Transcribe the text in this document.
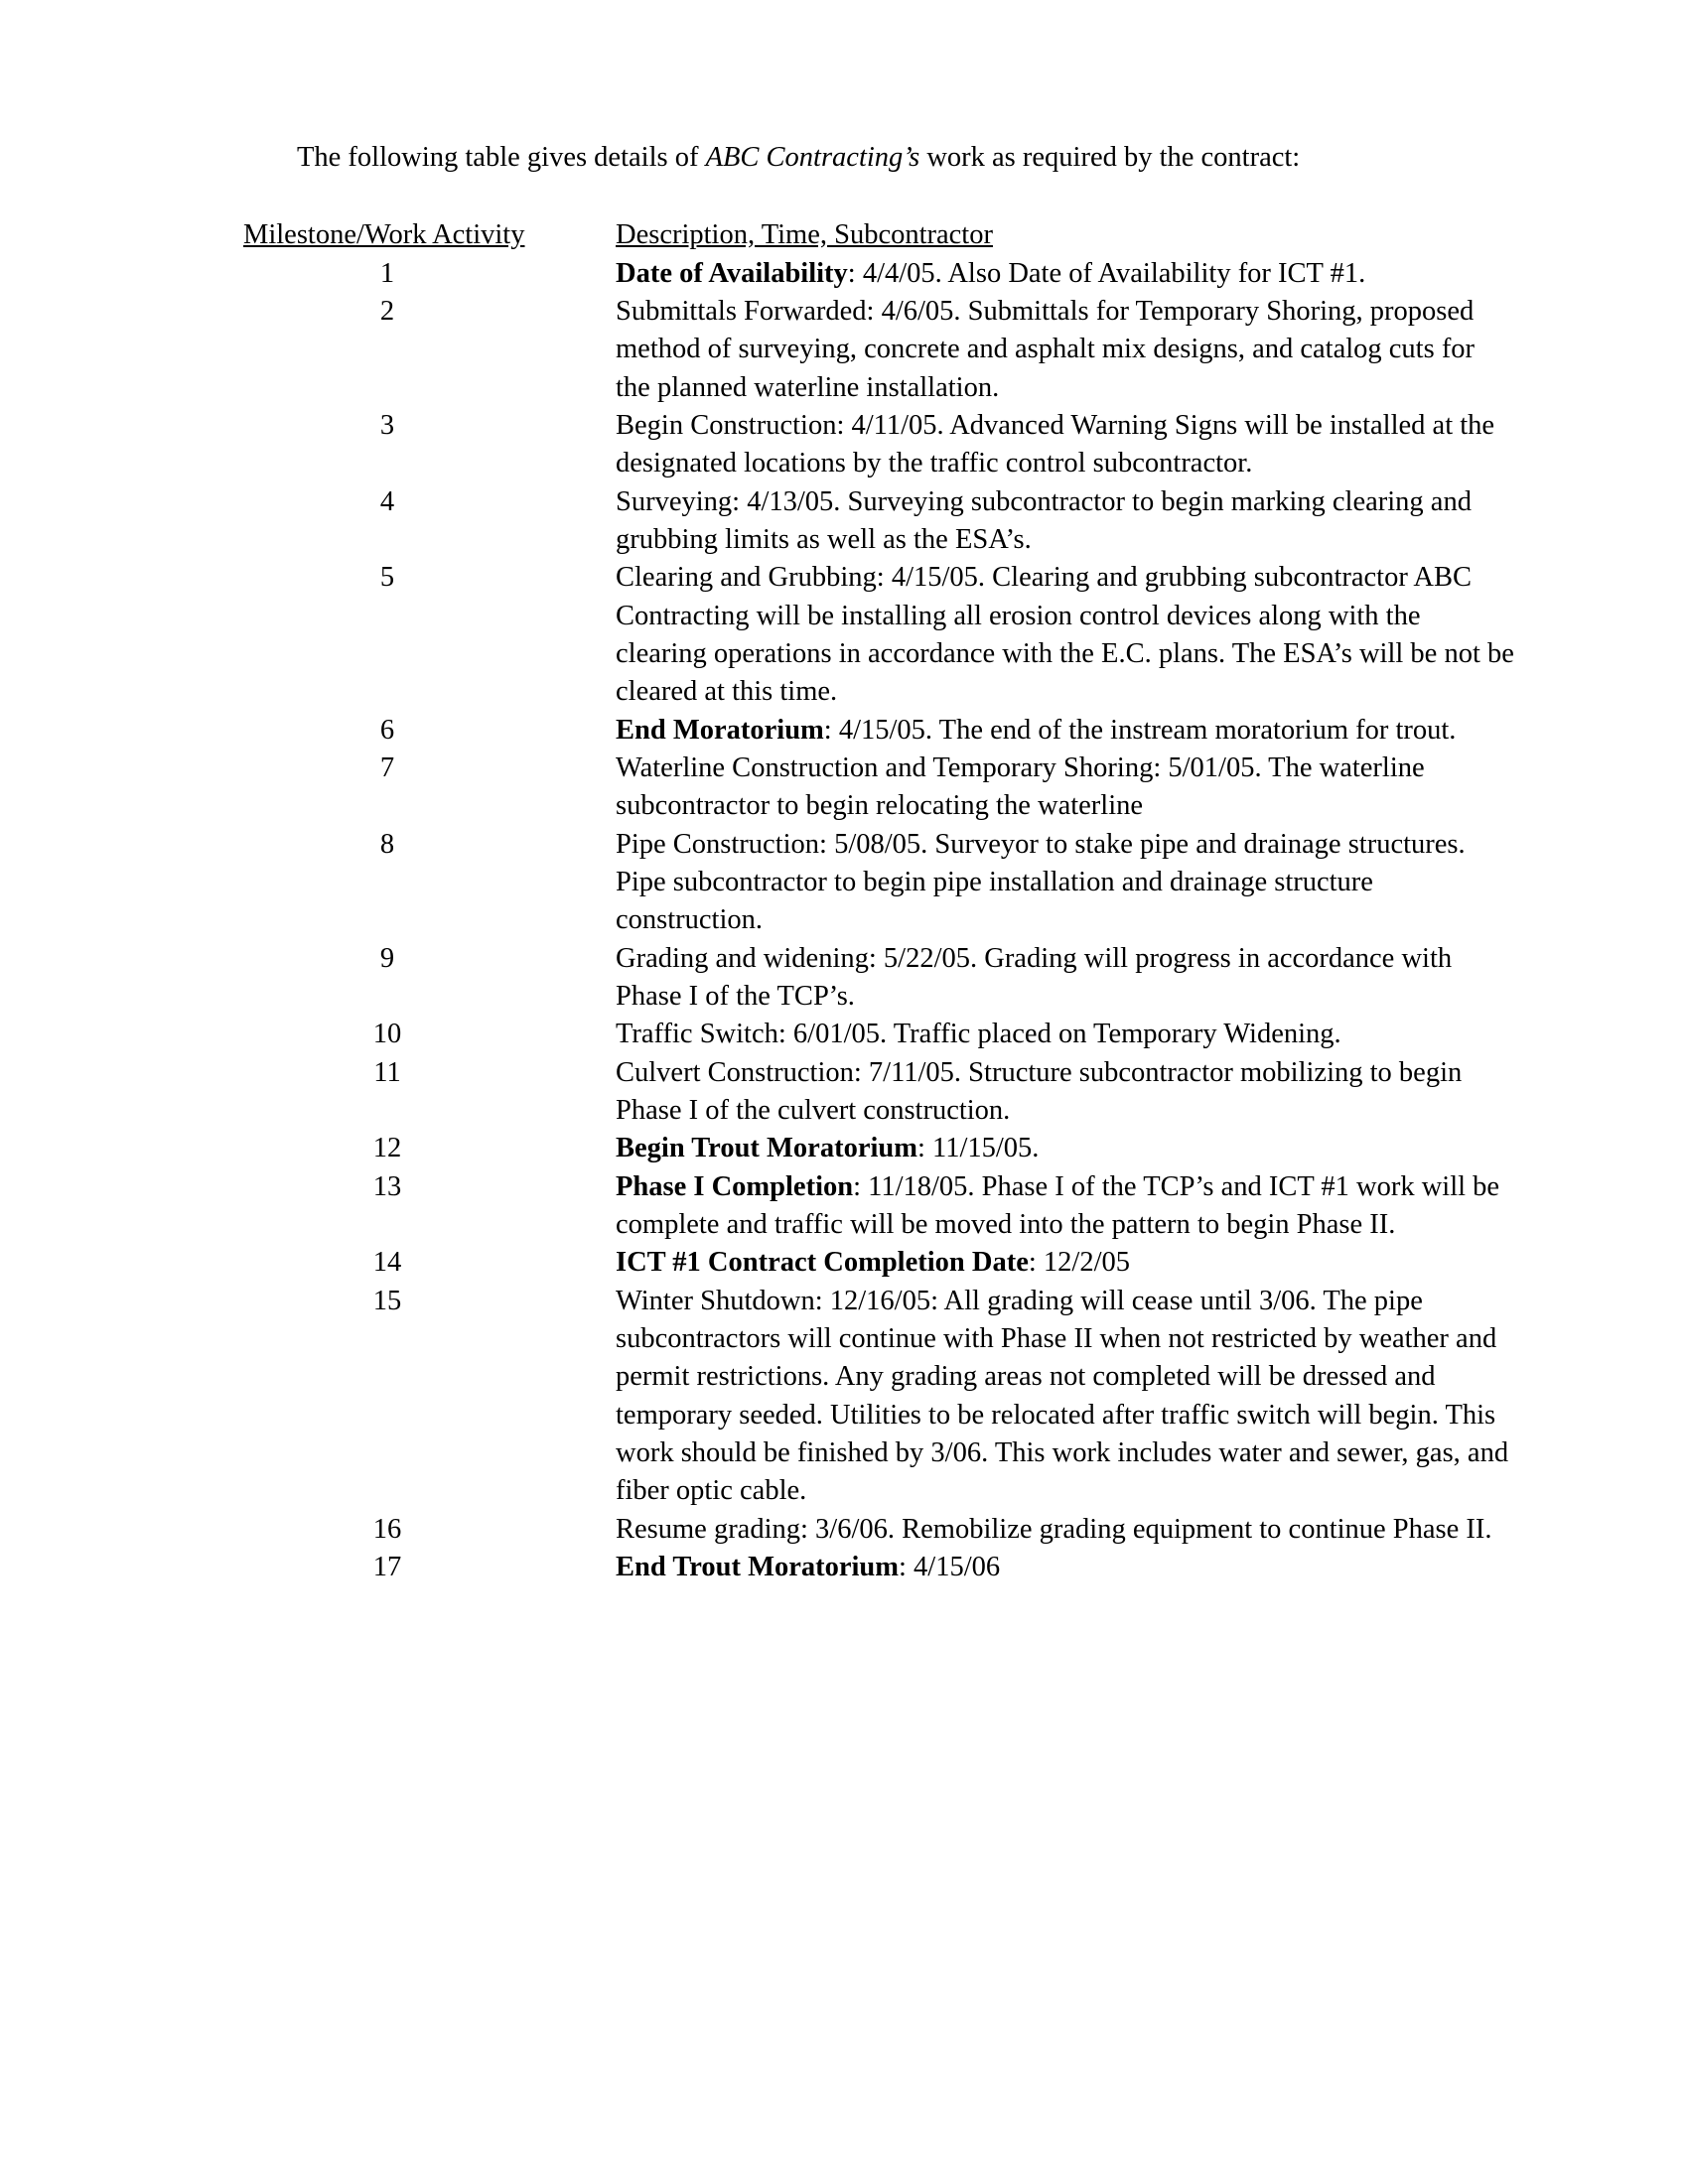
The following table gives details of ABC Contracting’s work as required by the contract:

Milestone/Work Activity	Description, Time, Subcontractor
1	Date of Availability: 4/4/05. Also Date of Availability for ICT #1.
2	Submittals Forwarded: 4/6/05. Submittals for Temporary Shoring, proposed method of surveying, concrete and asphalt mix designs, and catalog cuts for the planned waterline installation.
3	Begin Construction: 4/11/05. Advanced Warning Signs will be installed at the designated locations by the traffic control subcontractor.
4	Surveying: 4/13/05. Surveying subcontractor to begin marking clearing and grubbing limits as well as the ESA’s.
5	Clearing and Grubbing: 4/15/05. Clearing and grubbing subcontractor ABC Contracting will be installing all erosion control devices along with the clearing operations in accordance with the E.C. plans. The ESA’s will be not be cleared at this time.
6	End Moratorium: 4/15/05. The end of the instream moratorium for trout.
7	Waterline Construction and Temporary Shoring: 5/01/05. The waterline subcontractor to begin relocating the waterline
8	Pipe Construction: 5/08/05. Surveyor to stake pipe and drainage structures. Pipe subcontractor to begin pipe installation and drainage structure construction.
9	Grading and widening: 5/22/05. Grading will progress in accordance with Phase I of the TCP’s.
10	Traffic Switch: 6/01/05. Traffic placed on Temporary Widening.
11	Culvert Construction: 7/11/05. Structure subcontractor mobilizing to begin Phase I of the culvert construction.
12	Begin Trout Moratorium: 11/15/05.
13	Phase I Completion: 11/18/05. Phase I of the TCP’s and ICT #1 work will be complete and traffic will be moved into the pattern to begin Phase II.
14	ICT #1 Contract Completion Date: 12/2/05
15	Winter Shutdown: 12/16/05: All grading will cease until 3/06. The pipe subcontractors will continue with Phase II when not restricted by weather and permit restrictions. Any grading areas not completed will be dressed and temporary seeded. Utilities to be relocated after traffic switch will begin. This work should be finished by 3/06. This work includes water and sewer, gas, and fiber optic cable.
16	Resume grading: 3/6/06. Remobilize grading equipment to continue Phase II.
17	End Trout Moratorium: 4/15/06
